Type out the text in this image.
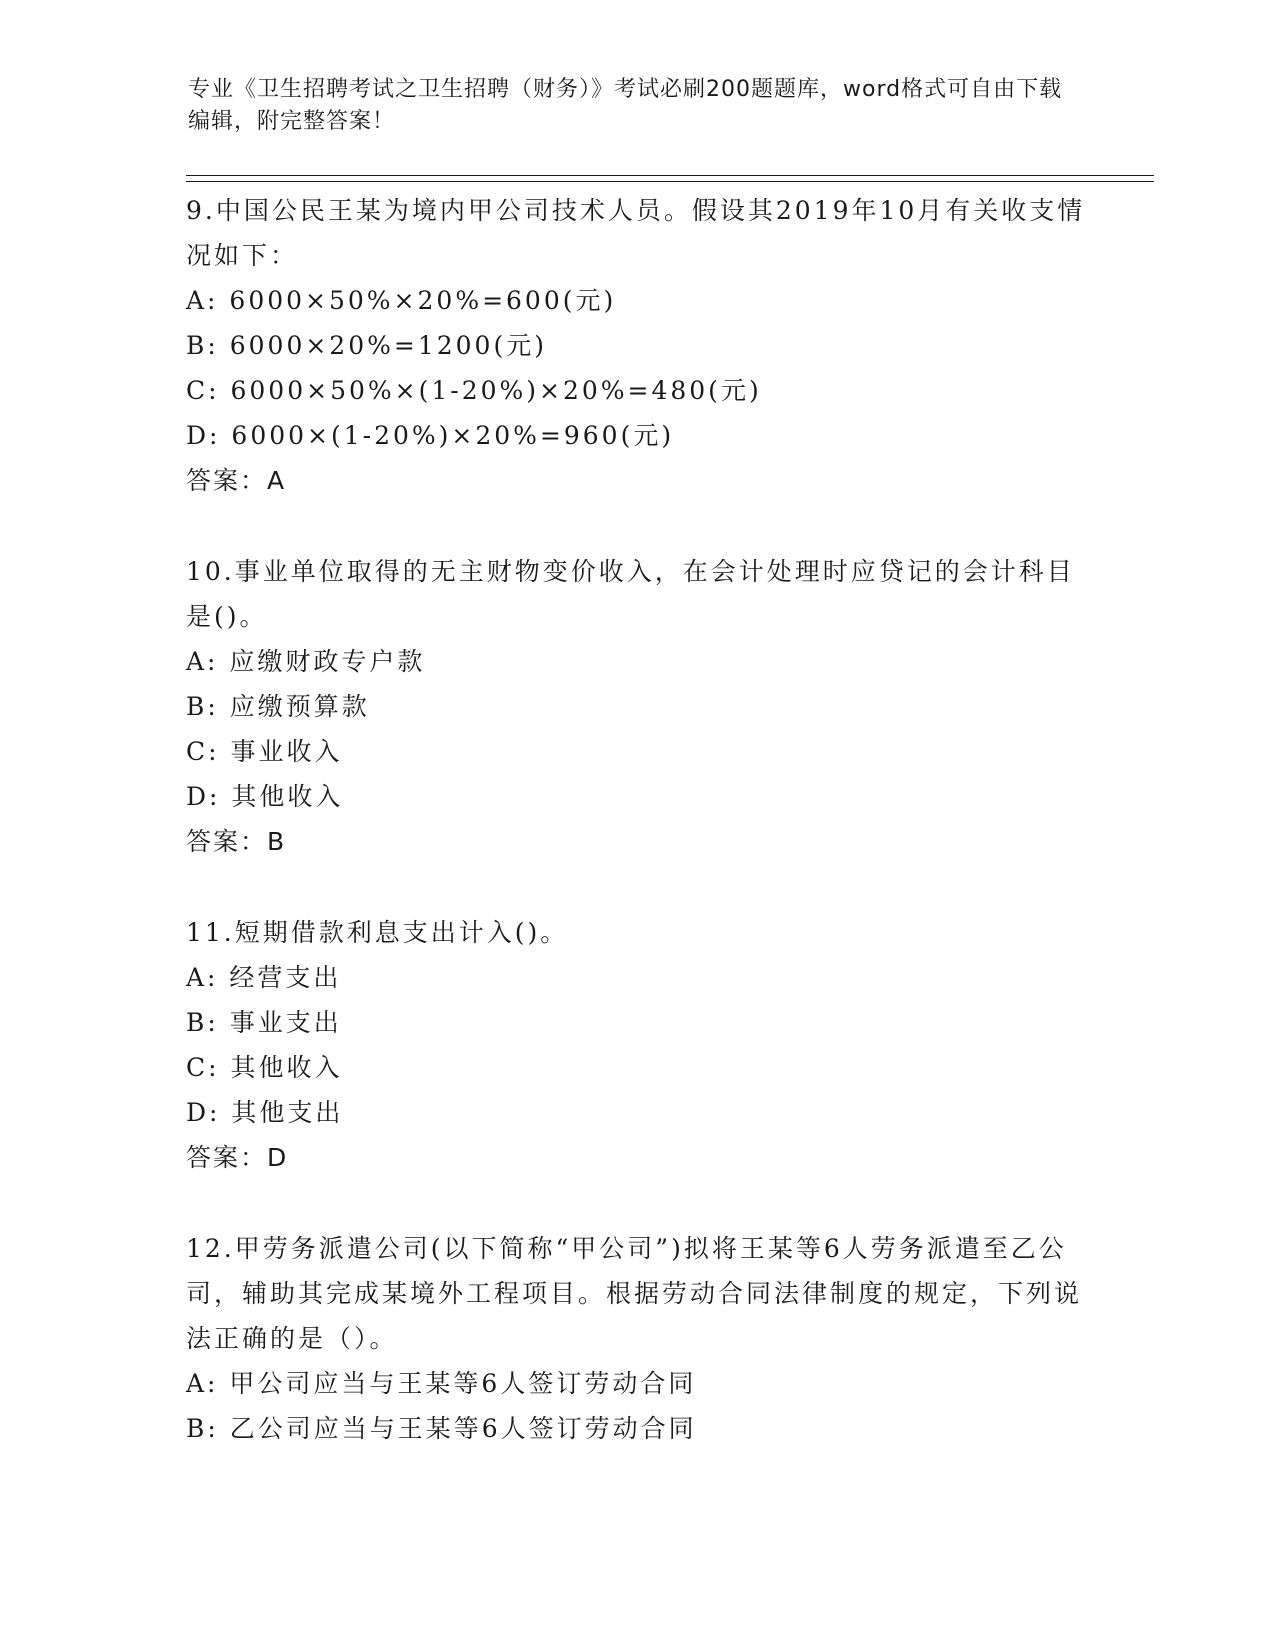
专业《卫生招聘考试之卫生招聘（财务）》考试必刷200题题库，word格式可自由下载编辑，附完整答案！
9.中国公民王某为境内甲公司技术人员。假设其2019年10月有关收支情况如下：
A: 6000×50%×20%=600(元)
B: 6000×20%=1200(元)
C: 6000×50%×(1-20%)×20%=480(元)
D: 6000×(1-20%)×20%=960(元)
答案：A
10.事业单位取得的无主财物变价收入，在会计处理时应贷记的会计科目是()。
A: 应缴财政专户款
B: 应缴预算款
C: 事业收入
D: 其他收入
答案：B
11.短期借款利息支出计入()。
A: 经营支出
B: 事业支出
C: 其他收入
D: 其他支出
答案：D
12.甲劳务派遣公司(以下简称“甲公司”)拟将王某等6人劳务派遣至乙公司，辅助其完成某境外工程项目。根据劳动合同法律制度的规定，下列说法正确的是（）。
A: 甲公司应当与王某等6人签订劳动合同
B: 乙公司应当与王某等6人签订劳动合同
